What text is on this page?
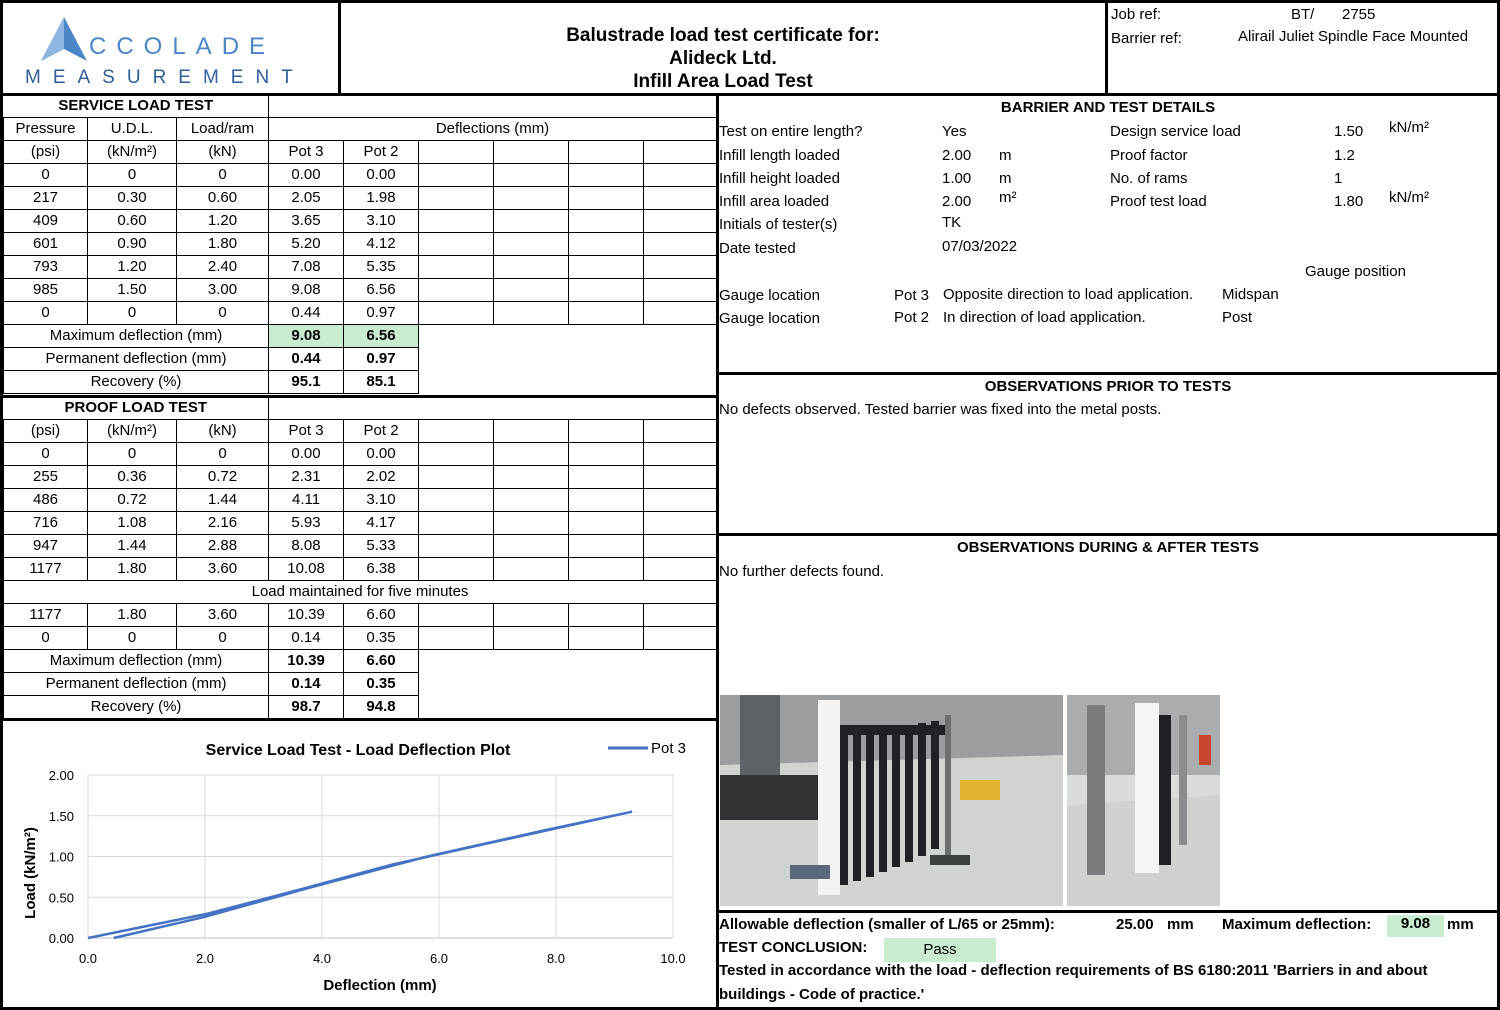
CCOLADE
MEASUREMENT
Balustrade load test certificate for:
Alideck Ltd.
Infill Area Load Test
Job ref:	BT/ 2755
Barrier ref:	Alirail Juliet Spindle Face Mounted
SERVICE LOAD TEST								
Pressure	U.D.L.	Load/ram	Deflections (mm)					
(psi)	(kN/m²)	(kN)	Pot 3	Pot 2				
0	0	0	0.00	0.00				
217	0.30	0.60	2.05	1.98				
409	0.60	1.20	3.65	3.10				
601	0.90	1.80	5.20	4.12				
793	1.20	2.40	7.08	5.35				
985	1.50	3.00	9.08	6.56				
0	0	0	0.44	0.97				
Maximum deflection (mm)			9.08	6.56				
Permanent deflection (mm)			0.44	0.97				
Recovery (%)			95.1	85.1				
PROOF LOAD TEST								
(psi)	(kN/m²)	(kN)	Pot 3	Pot 2				
0	0	0	0.00	0.00				
255	0.36	0.72	2.31	2.02				
486	0.72	1.44	4.11	3.10				
716	1.08	2.16	5.93	4.17				
947	1.44	2.88	8.08	5.33				
1177	1.80	3.60	10.08	6.38				
Load maintained for five minutes								
1177	1.80	3.60	10.39	6.60				
0	0	0	0.14	0.35				
Maximum deflection (mm)			10.39	6.60				
Permanent deflection (mm)			0.14	0.35				
Recovery (%)			98.7	94.8				
Service Load Test - Load Deflection Plot
0.00
0.50
1.00
1.50
2.00
0.0	2.0	4.0	6.0	8.0	10.0
Pot 3
Deflection (mm)
Load (kN/m²)
BARRIER AND TEST DETAILS
Test on entire length?	Yes
Infill length loaded	2.00 m
Infill height loaded	1.00 m
Infill area loaded	2.00 m²
Initials of tester(s)	TK
Date tested	07/03/2022
Design service load	1.50 kN/m²
Proof factor	1.2
No. of rams	1
Proof test load	1.80 kN/m²
Gauge position
Gauge location	Pot 3 Opposite direction to load application. Midspan
Gauge location	Pot 2 In direction of load application.	Post
OBSERVATIONS PRIOR TO TESTS
No defects observed. Tested barrier was fixed into the metal posts.
OBSERVATIONS DURING & AFTER TESTS
No further defects found.
Allowable deflection (smaller of L/65 or 25mm):	25.00 mm Maximum deflection:	9.08	mm
TEST CONCLUSION:	Pass
Tested in accordance with the load - deflection requirements of BS 6180:2011 'Barriers in and about
buildings - Code of practice.'
